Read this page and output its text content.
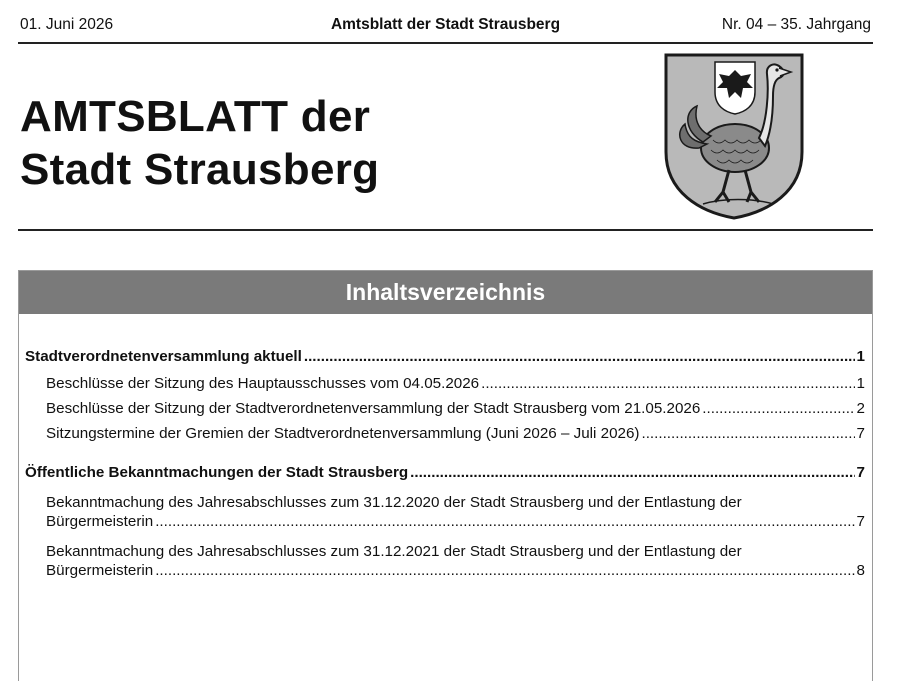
01. Juni 2026	Amtsblatt der Stadt Strausberg	Nr. 04 – 35. Jahrgang
AMTSBLATT der
Stadt Strausberg
Inhaltsverzeichnis
Stadtverordnetenversammlung aktuell .....	1
Beschlüsse der Sitzung des Hauptausschusses vom 04.05.2026 .....	1
Beschlüsse der Sitzung der Stadtverordnetenversammlung der Stadt Strausberg vom 21.05.2026 .....	2
Sitzungstermine der Gremien der Stadtverordnetenversammlung (Juni 2026 – Juli 2026) .....	7
Öffentliche Bekanntmachungen der Stadt Strausberg .....	7
Bekanntmachung des Jahresabschlusses zum 31.12.2020 der Stadt Strausberg und der Entlastung der
Bürgermeisterin .....	7
Bekanntmachung des Jahresabschlusses zum 31.12.2021 der Stadt Strausberg und der Entlastung der
Bürgermeisterin .....	8
